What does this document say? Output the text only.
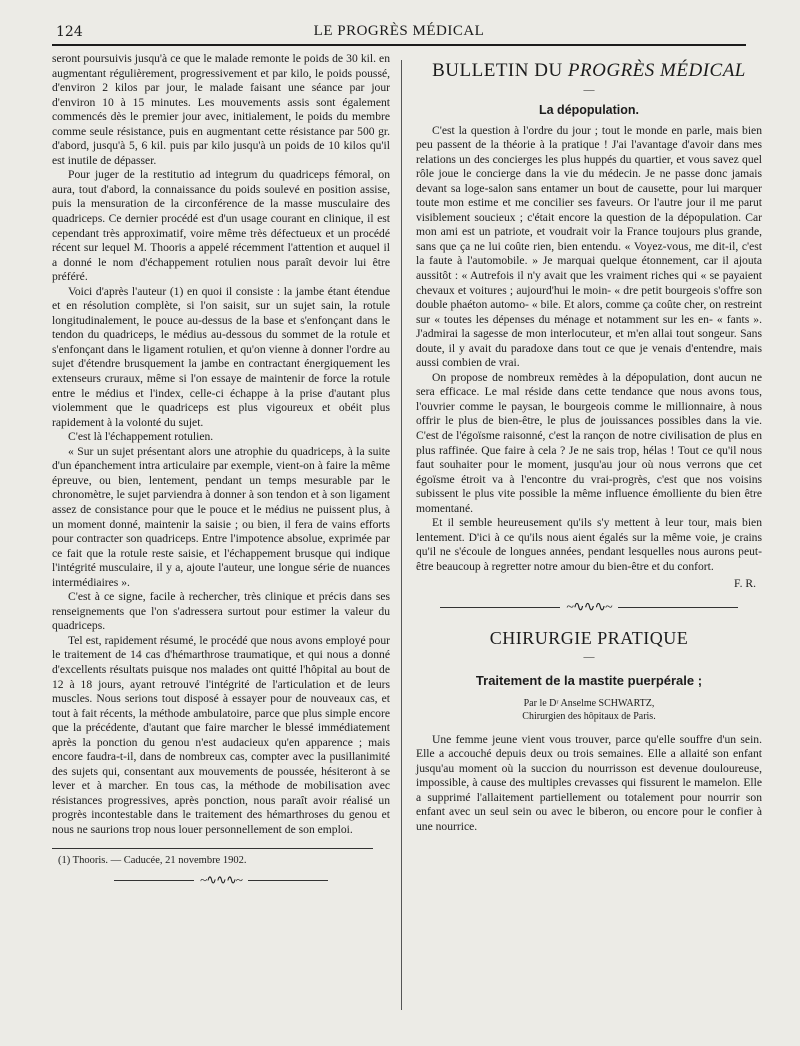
124	LE PROGRÈS MÉDICAL

seront poursuivis jusqu'à ce que le malade remonte le poids de 30 kil. en augmentant régulièrement, progressivement et par kilo, le poids poussé, d'environ 2 kilos par jour, le malade faisant une séance par jour d'environ 10 à 15 minutes. Les mouvements assis sont également commencés dès le premier jour avec, initialement, le poids du membre comme seule résistance, puis en augmentant cette résistance par 500 gr. d'abord, jusqu'à 5, 6 kil. puis par kilo jusqu'à un poids de 10 kilos qu'il est inutile de dépasser.

Pour juger de la restitutio ad integrum du quadriceps fémoral, on aura, tout d'abord, la connaissance du poids soulevé en position assise, puis la mensuration de la circonférence de la masse musculaire des quadriceps. Ce dernier procédé est d'un usage courant en clinique, il est cependant très approximatif, voire même très défectueux et un procédé récent sur lequel M. Thooris a appelé récemment l'attention et auquel il a donné le nom d'échappement rotulien nous paraît devoir lui être préféré.

Voici d'après l'auteur (1) en quoi il consiste : la jambe étant étendue et en résolution complète, si l'on saisit, sur un sujet sain, la rotule longitudinalement, le pouce au-dessus de la base et s'enfonçant dans le tendon du quadriceps, le médius au-dessous du sommet de la rotule et s'enfonçant dans le ligament rotulien, et qu'on vienne à donner l'ordre au sujet d'étendre brusquement la jambe en contractant énergiquement les extenseurs cruraux, même si l'on essaye de maintenir de force la rotule entre le médius et l'index, celle-ci échappe à la prise d'autant plus violemment que le quadriceps est plus vigoureux et obéit plus rapidement à la volonté du sujet.

C'est là l'échappement rotulien.

« Sur un sujet présentant alors une atrophie du quadriceps, à la suite d'un épanchement intra articulaire par exemple, vient-on à faire la même épreuve, ou bien, lentement, pendant un temps mesurable par le chronomètre, le sujet parviendra à donner à son tendon et à son ligament assez de consistance pour que le pouce et le médius ne puissent plus, à un moment donné, maintenir la saisie ; ou bien, il fera de vains efforts pour contracter son quadriceps. Entre l'impotence absolue, exprimée par ce fait que la rotule reste saisie, et l'échappement brusque qui indique l'intégrité musculaire, il y a, ajoute l'auteur, une longue série de nuances intermédiaires ».

C'est à ce signe, facile à rechercher, très clinique et précis dans ses renseignements que l'on s'adressera surtout pour estimer la valeur du quadriceps.

Tel est, rapidement résumé, le procédé que nous avons employé pour le traitement de 14 cas d'hémarthrose traumatique, et qui nous a donné d'excellents résultats puisque nos malades ont quitté l'hôpital au bout de 12 à 18 jours, ayant retrouvé l'intégrité de l'articulation et de leurs muscles. Nous serions tout disposé à essayer pour de nouveaux cas, et tout à fait récents, la méthode ambulatoire, parce que plus simple encore que la précédente, d'autant que faire marcher le blessé immédiatement après la ponction du genou n'est audacieux qu'en apparence ; mais encore faudra-t-il, dans de nombreux cas, compter avec la pusillanimité des sujets qui, consentant aux mouvements de poussée, hésiteront à se lever et à marcher. En tous cas, la méthode de mobilisation avec résistances progressives, après ponction, nous paraît avoir réalisé un progrès incontestable dans le traitement des hémarthroses du genou et nous ne saurions trop nous louer personnellement de son emploi.

(1) Thooris. — Caducée, 21 novembre 1902.

~∿∿∿~
BULLETIN DU PROGRÈS MÉDICAL
—
La dépopulation.

C'est la question à l'ordre du jour ; tout le monde en parle, mais bien peu passent de la théorie à la pratique ! J'ai l'avantage d'avoir dans mes relations un des concierges les plus huppés du quartier, et vous savez quel rôle joue le concierge dans la vie du médecin. Je ne passe donc jamais devant sa loge-salon sans entamer un bout de causette, pour lui marquer toute mon estime et me concilier ses faveurs. Or l'autre jour il me parut visiblement soucieux ; c'était encore la question de la dépopulation. Car mon ami est un patriote, et voudrait voir la France toujours plus grande, sans que ça ne lui coûte rien, bien entendu. « Voyez-vous, me dit-il, c'est la faute à l'automobile. » Je marquai quelque étonnement, car il ajouta aussitôt : « Autrefois il n'y avait que les vraiment riches qui « se payaient chevaux et voitures ; aujourd'hui le moin- « dre petit bourgeois s'offre son double phaéton automo- « bile. Et alors, comme ça coûte cher, on restreint sur « toutes les dépenses du ménage et notamment sur les en- « fants ». J'admirai la sagesse de mon interlocuteur, et m'en allai tout songeur. Sans doute, il y avait du paradoxe dans tout ce que je venais d'entendre, mais aussi combien de vrai.

On propose de nombreux remèdes à la dépopulation, dont aucun ne sera efficace. Le mal réside dans cette tendance que nous avons tous, l'ouvrier comme le paysan, le bourgeois comme le millionnaire, à nous offrir le plus de bien-être, le plus de jouissances possibles dans la vie. C'est de l'égoïsme raisonné, c'est la rançon de notre civilisation de plus en plus raffinée. Que faire à cela ? Je ne sais trop, hélas ! Tout ce qu'il nous faut souhaiter pour le moment, jusqu'au jour où nous verrons que cet égoïsme étroit va à l'encontre du vrai-progrès, c'est que nos voisins subissent le plus vite possible la même influence émolliente du bien être momentané.

Et il semble heureusement qu'ils s'y mettent à leur tour, mais bien lentement. D'ici à ce qu'ils nous aient égalés sur la même voie, je crains qu'il ne s'écoule de longues années, pendant lesquelles nous aurons peut-être beaucoup à regretter notre amour du bien-être et du confort.

F. R.
~∿∿∿~
CHIRURGIE PRATIQUE
—
Traitement de la mastite puerpérale ;
Par le Dʳ Anselme SCHWARTZ,
Chirurgien des hôpitaux de Paris.

Une femme jeune vient vous trouver, parce qu'elle souffre d'un sein. Elle a accouché depuis deux ou trois semaines. Elle a allaité son enfant jusqu'au moment où la succion du nourrisson est devenue douloureuse, impossible, à cause des multiples crevasses qui fissurent le mamelon. Elle a supprimé l'allaitement partiellement ou totalement pour nourrir son enfant avec un seul sein ou avec le biberon, ou encore pour le confier à une nourrice.
